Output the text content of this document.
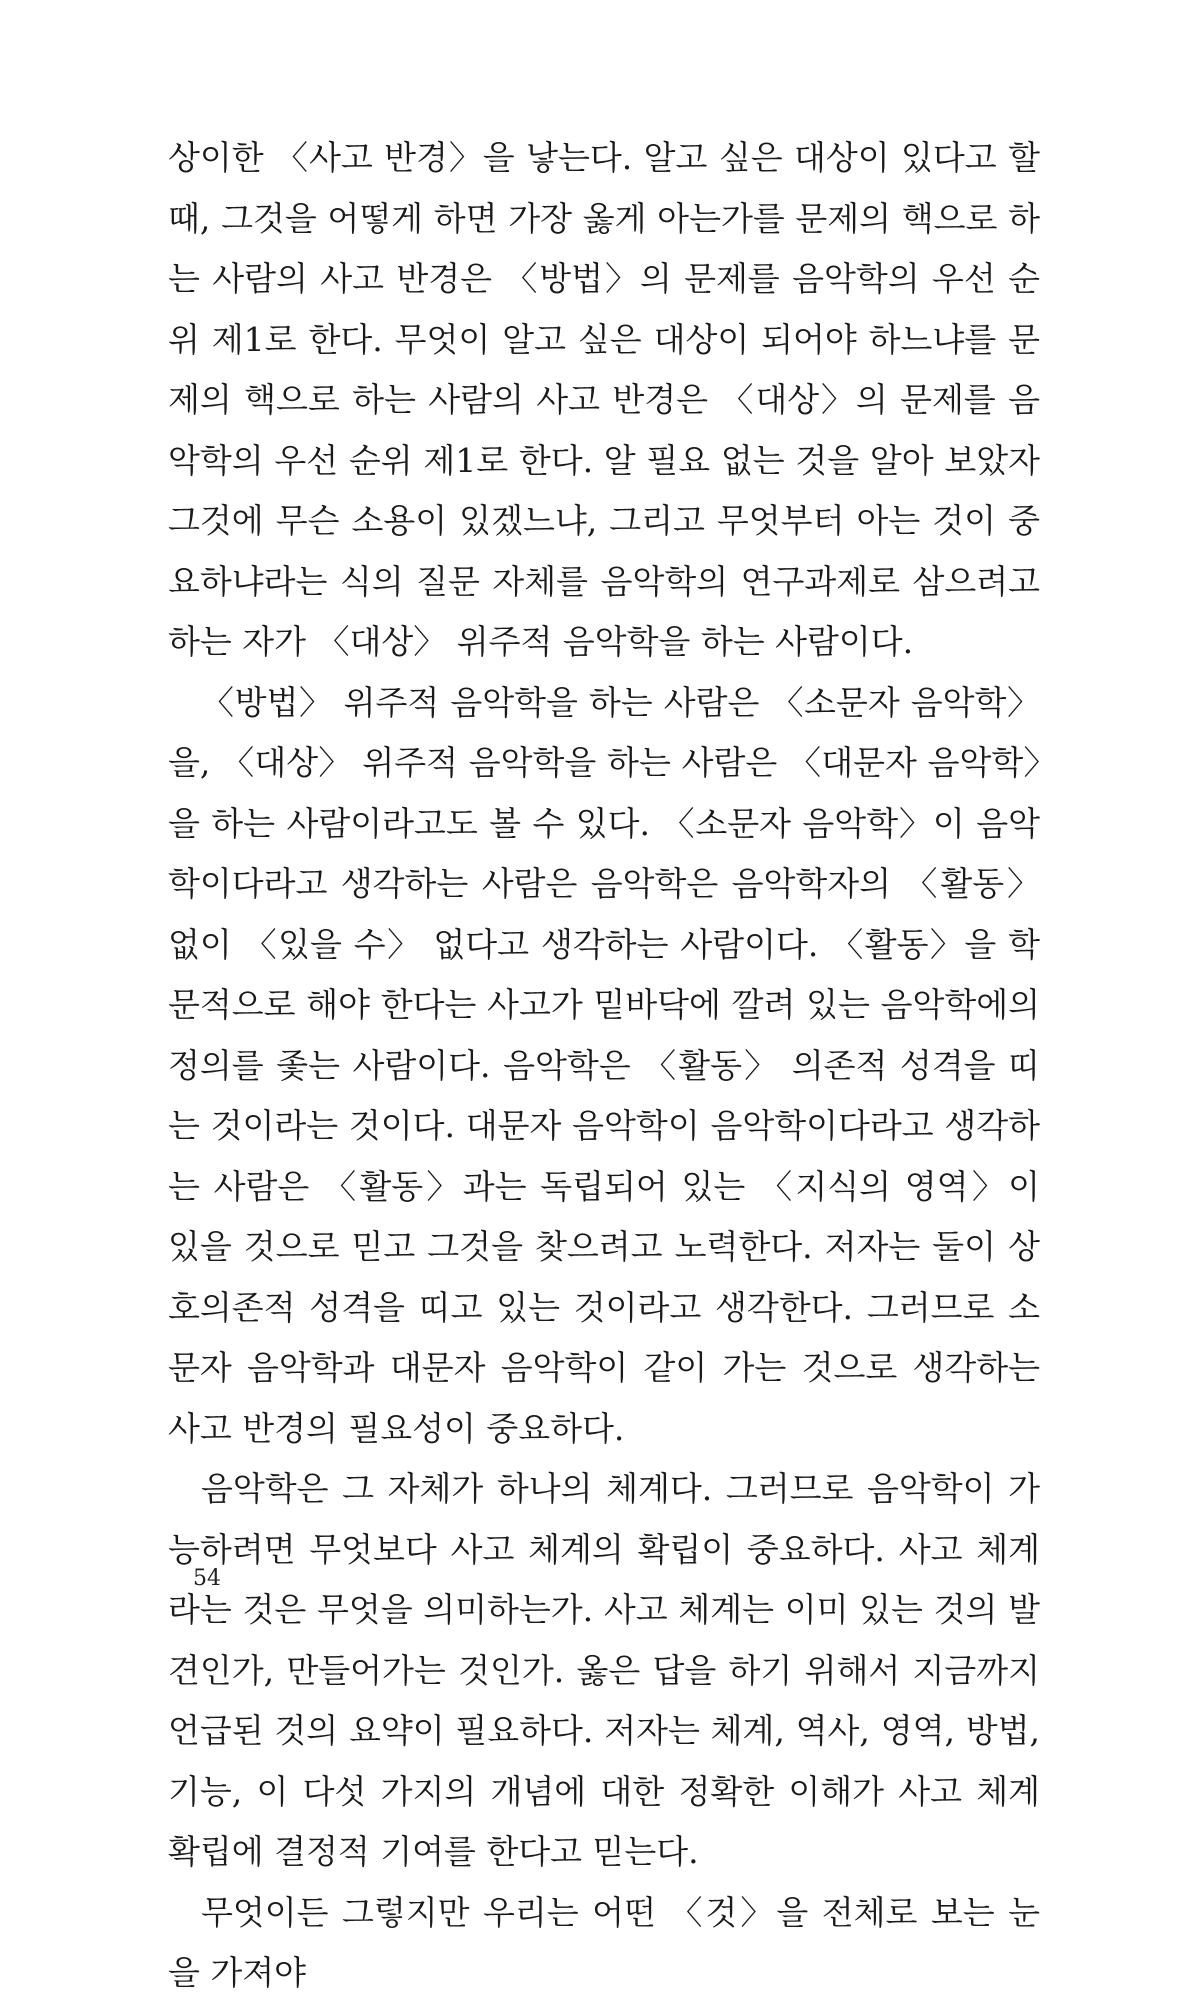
상이한 〈사고 반경〉을 낳는다. 알고 싶은 대상이 있다고 할 때, 그것을 어떻게 하면 가장 옳게 아는가를 문제의 핵으로 하는 사람의 사고 반경은 〈방법〉의 문제를 음악학의 우선 순위 제1로 한다. 무엇이 알고 싶은 대상이 되어야 하느냐를 문제의 핵으로 하는 사람의 사고 반경은 〈대상〉의 문제를 음악학의 우선 순위 제1로 한다. 알 필요 없는 것을 알아 보았자 그것에 무슨 소용이 있겠느냐, 그리고 무엇부터 아는 것이 중요하냐라는 식의 질문 자체를 음악학의 연구과제로 삼으려고 하는 자가 〈대상〉 위주적 음악학을 하는 사람이다.

〈방법〉 위주적 음악학을 하는 사람은 〈소문자 음악학〉을, 〈대상〉 위주적 음악학을 하는 사람은 〈대문자 음악학〉을 하는 사람이라고도 볼 수 있다. 〈소문자 음악학〉이 음악학이다라고 생각하는 사람은 음악학은 음악학자의 〈활동〉 없이 〈있을 수〉 없다고 생각하는 사람이다. 〈활동〉을 학문적으로 해야 한다는 사고가 밑바닥에 깔려 있는 음악학에의 정의를 좇는 사람이다. 음악학은 〈활동〉 의존적 성격을 띠는 것이라는 것이다. 대문자 음악학이 음악학이다라고 생각하는 사람은 〈활동〉과는 독립되어 있는 〈지식의 영역〉이 있을 것으로 믿고 그것을 찾으려고 노력한다. 저자는 둘이 상호의존적 성격을 띠고 있는 것이라고 생각한다. 그러므로 소문자 음악학과 대문자 음악학이 같이 가는 것으로 생각하는 사고 반경의 필요성이 중요하다.

음악학은 그 자체가 하나의 체계다. 그러므로 음악학이 가능하려면 무엇보다 사고 체계의 확립이 중요하다. 사고 체계라는 것은 무엇을 의미하는가. 사고 체계는 이미 있는 것의 발견인가, 만들어가는 것인가. 옳은 답을 하기 위해서 지금까지 언급된 것의 요약이 필요하다. 저자는 체계, 역사, 영역, 방법, 기능, 이 다섯 가지의 개념에 대한 정확한 이해가 사고 체계 확립에 결정적 기여를 한다고 믿는다.

무엇이든 그렇지만 우리는 어떤 〈것〉을 전체로 보는 눈을 가져야

54
